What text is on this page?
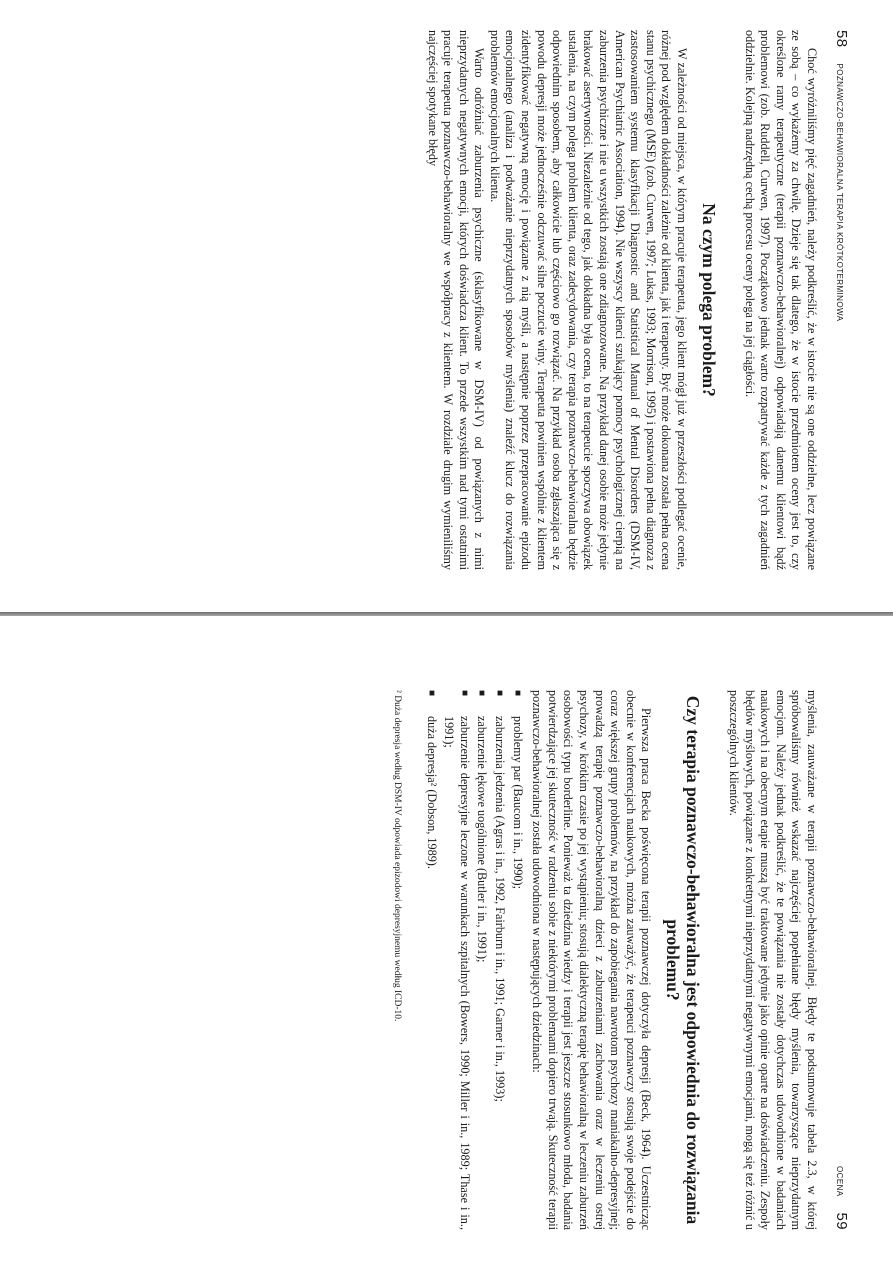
58
POZNAWCZO-BEHAWIORALNA TERAPIA KRÓTKOTERMINOWA

Choć wyróżniliśmy pięć zagadnień, należy podkreślić, że w istocie nie są one oddzielne, lecz powiązane ze sobą – co wykażemy za chwilę. Dzieje się tak dlatego, że w istocie przedmiotem oceny jest to, czy określone ramy terapeutyczne (terapii poznawczo-behawioralnej) odpowiadają danemu klientowi bądź problemowi (zob. Ruddell, Curwen, 1997). Początkowo jednak warto rozpatrywać każde z tych zagadnień oddzielnie. Kolejną nadrzędną cechą procesu oceny polega na jej ciągłości.

Na czym polega problem?

W zależności od miejsca, w którym pracuje terapeuta, jego klient mógł już w przeszłości podlegać ocenie, różnej pod względem dokładności zależnie od klienta, jak i terapeuty. Być może dokonana została pełna ocena stanu psychicznego (MSE) (zob. Curwen, 1997; Lukas, 1993; Morrison, 1995) i postawiona pełna diagnoza z zastosowaniem systemu klasyfikacji Diagnostic and Statistical Manual of Mental Disorders (DSM-IV, American Psychiatric Association, 1994). Nie wszyscy klienci szukający pomocy psychologicznej cierpią na zaburzenia psychiczne i nie u wszystkich zostają one zdiagnozowane. Na przykład danej osobie może jedynie brakować asertywności. Niezależnie od tego, jak dokładna była ocena, to na terapeucie spoczywa obowiązek ustalenia, na czym polega problem klienta, oraz zadecydowania, czy terapia poznawczo-behawioralna będzie odpowiednim sposobem, aby całkowicie lub częściowo go rozwiązać. Na przykład osoba zgłaszająca się z powodu depresji może jednocześnie odczuwać silne poczucie winy. Terapeuta powinien wspólnie z klientem zidentyfikować negatywną emocję i powiązane z nią myśli, a następnie poprzez przepracowanie epizodu emocjonalnego (analiza i podważanie nieprzydatnych sposobów myślenia) znaleźć klucz do rozwiązania problemów emocjonalnych klienta.

Warto odróżniać zaburzenia psychiczne (sklasyfikowane w DSM-IV) od powiązanych z nimi nieprzydatnych negatywnych emocji, których doświadcza klient. To przede wszystkim nad tymi ostatnimi pracuje terapeuta poznawczo-behawioralny we współpracy z klientem. W rozdziale drugim wymieniliśmy najczęściej spotykane błędy

OCENA
59

myślenia, zauważane w terapii poznawczo-behawioralnej. Błędy te podsumowuje tabela 2.3, w której spróbowaliśmy również wskazać najczęściej popełniane błędy myślenia, towarzyszące nieprzydatnym emocjom. Należy jednak podkreślić, że te powiązania nie zostały dotychczas udowodnione w badaniach naukowych i na obecnym etapie muszą być traktowane jedynie jako opinie oparte na doświadczeniu. Zespoły błędów myślowych, powiązane z konkretnymi nieprzydatnymi negatywnymi emocjami, mogą się też różnić u poszczególnych klientów.

Czy terapia poznawczo-behawioralna jest odpowiednia do rozwiązania problemu?

Pierwsza praca Becka poświęcona terapii poznawczej dotyczyła depresji (Beck, 1964). Uczestnicząc obecnie w konferencjach naukowych, można zauważyć, że terapeuci poznawczy stosują swoje podejście do coraz większej grupy problemów, na przykład do zapobiegania nawrotom psychozy maniakalno-depresyjnej; prowadzą terapię poznawczo-behawioralną dzieci z zaburzeniami zachowania oraz w leczeniu ostrej psychozy, w krótkim czasie po jej wystąpieniu; stosują dialektyczną terapię behawioralną w leczeniu zaburzeń osobowości typu borderline. Ponieważ ta dziedzina wiedzy i terapii jest jeszcze stosunkowo młoda, badania potwierdzające jej skuteczność w radzeniu sobie z niektórymi problemami dopiero trwają. Skuteczność terapii poznawczo-behawioralnej została udowodniona w następujących dziedzinach:

■
problemy par (Baucom i in., 1990);
■
zaburzenia jedzenia (Agras i in., 1992, Fairburn i in., 1991; Garner i in., 1993);
■
zaburzenie lękowe uogólnione (Butler i in., 1991);
■
zaburzenie depresyjne leczone w warunkach szpitalnych (Bowers, 1990; Miller i in., 1989; Thase i in., 1991);
■
duża depresja² (Dobson, 1989).
² Duża depresja według DSM-IV odpowiada epizodowi depresyjnemu według ICD-10.
